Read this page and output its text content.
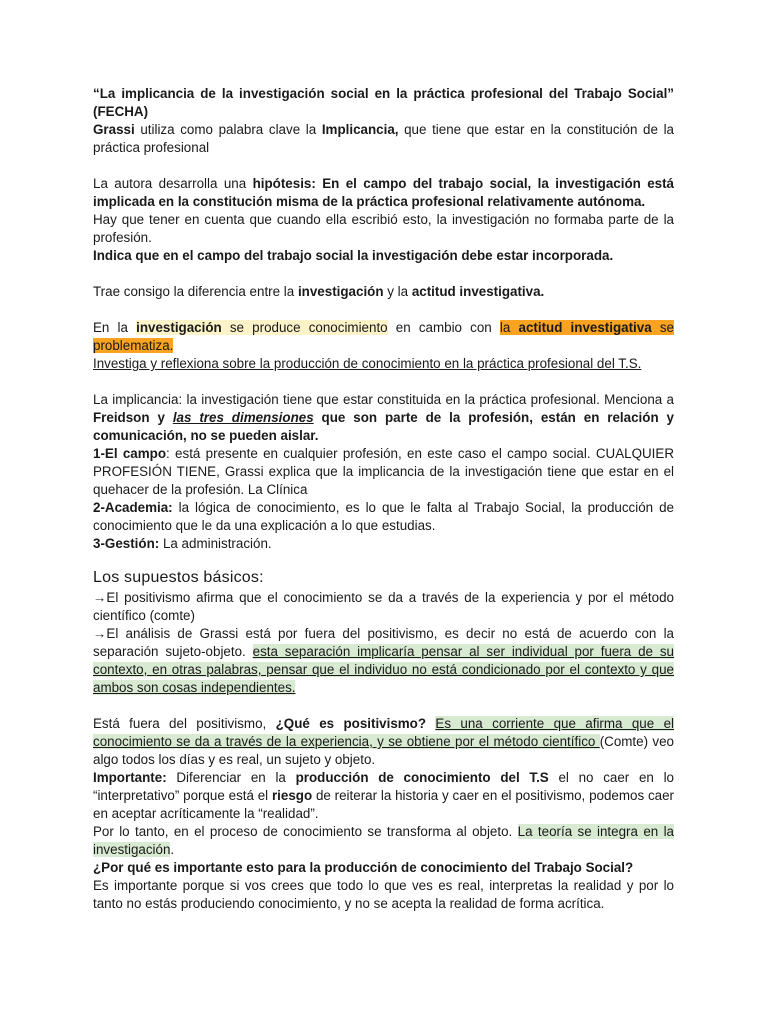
“La implicancia de la investigación social en la práctica profesional del Trabajo Social” (FECHA)

Grassi utiliza como palabra clave la Implicancia, que tiene que estar en la constitución de la práctica profesional

La autora desarrolla una hipótesis: En el campo del trabajo social, la investigación está implicada en la constitución misma de la práctica profesional relativamente autónoma.

Hay que tener en cuenta que cuando ella escribió esto, la investigación no formaba parte de la profesión.

Indica que en el campo del trabajo social la investigación debe estar incorporada.

Trae consigo la diferencia entre la investigación y la actitud investigativa.

En la investigación se produce conocimiento en cambio con la actitud investigativa se problematiza.

Investiga y reflexiona sobre la producción de conocimiento en la práctica profesional del T.S.

La implicancia: la investigación tiene que estar constituida en la práctica profesional. Menciona a Freidson y las tres dimensiones que son parte de la profesión, están en relación y comunicación, no se pueden aislar.

1-El campo: está presente en cualquier profesión, en este caso el campo social. CUALQUIER PROFESIÓN TIENE, Grassi explica que la implicancia de la investigación tiene que estar en el quehacer de la profesión. La Clínica

2-Academia: la lógica de conocimiento, es lo que le falta al Trabajo Social, la producción de conocimiento que le da una explicación a lo que estudias.

3-Gestión: La administración.

Los supuestos básicos:

→El positivismo afirma que el conocimiento se da a través de la experiencia y por el método científico (comte)

→El análisis de Grassi está por fuera del positivismo, es decir no está de acuerdo con la separación sujeto-objeto. esta separación implicaría pensar al ser individual por fuera de su contexto, en otras palabras, pensar que el individuo no está condicionado por el contexto y que ambos son cosas independientes.

Está fuera del positivismo, ¿Qué es positivismo? Es una corriente que afirma que el conocimiento se da a través de la experiencia, y se obtiene por el método científico (Comte) veo algo todos los días y es real, un sujeto y objeto.

Importante: Diferenciar en la producción de conocimiento del T.S el no caer en lo “interpretativo” porque está el riesgo de reiterar la historia y caer en el positivismo, podemos caer en aceptar acríticamente la “realidad”.

Por lo tanto, en el proceso de conocimiento se transforma al objeto. La teoría se integra en la investigación.

¿Por qué es importante esto para la producción de conocimiento del Trabajo Social?

Es importante porque si vos crees que todo lo que ves es real, interpretas la realidad y por lo tanto no estás produciendo conocimiento, y no se acepta la realidad de forma acrítica.
